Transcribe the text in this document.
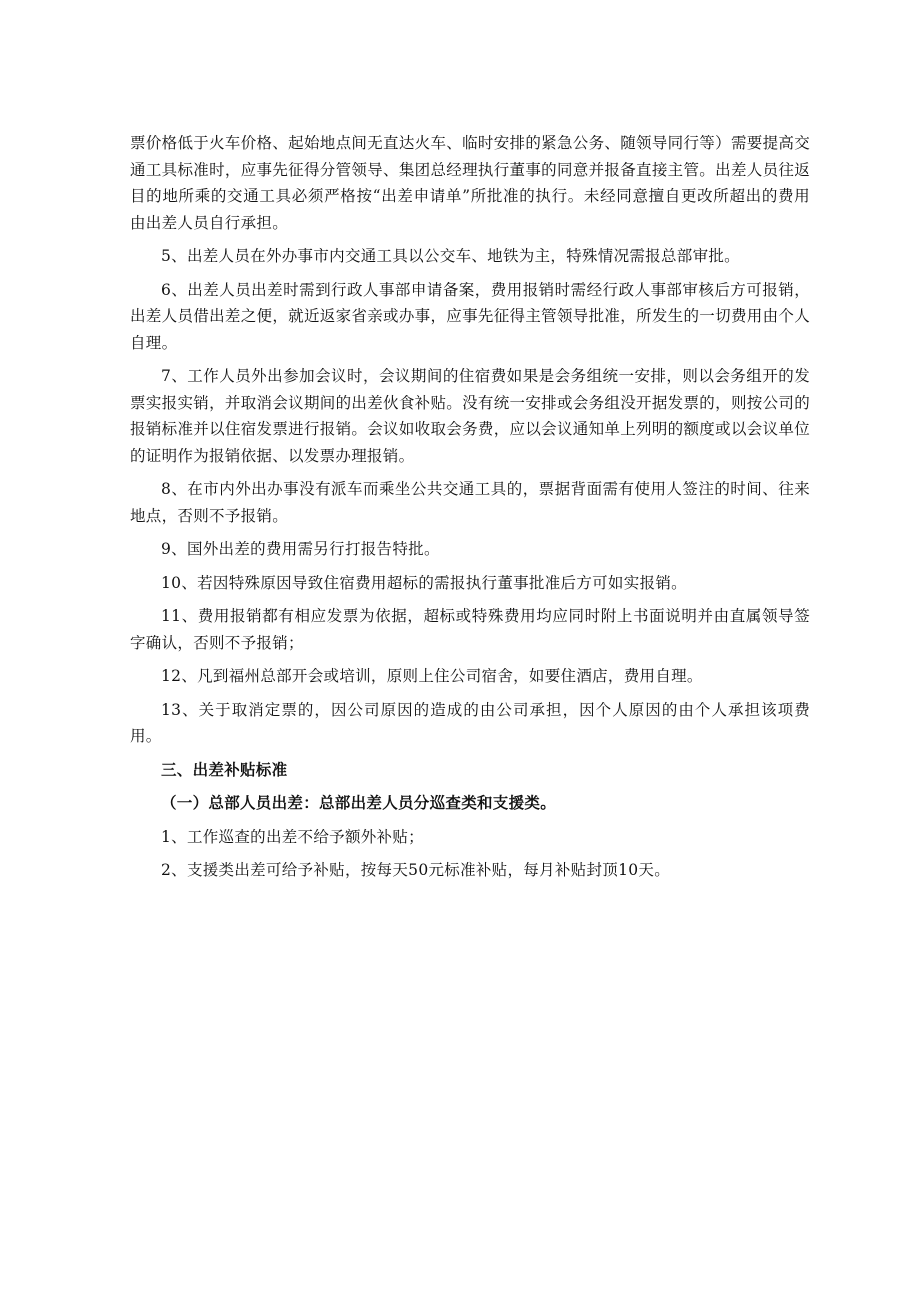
票价格低于火车价格、起始地点间无直达火车、临时安排的紧急公务、随领导同行等）需要提高交通工具标准时，应事先征得分管领导、集团总经理执行董事的同意并报备直接主管。出差人员往返目的地所乘的交通工具必须严格按“出差申请单”所批准的执行。未经同意擅自更改所超出的费用由出差人员自行承担。

5、出差人员在外办事市内交通工具以公交车、地铁为主，特殊情况需报总部审批。

6、出差人员出差时需到行政人事部申请备案，费用报销时需经行政人事部审核后方可报销，出差人员借出差之便，就近返家省亲或办事，应事先征得主管领导批准，所发生的一切费用由个人自理。

7、工作人员外出参加会议时，会议期间的住宿费如果是会务组统一安排，则以会务组开的发票实报实销，并取消会议期间的出差伙食补贴。没有统一安排或会务组没开据发票的，则按公司的报销标准并以住宿发票进行报销。会议如收取会务费，应以会议通知单上列明的额度或以会议单位的证明作为报销依据、以发票办理报销。

8、在市内外出办事没有派车而乘坐公共交通工具的，票据背面需有使用人签注的时间、往来地点，否则不予报销。

9、国外出差的费用需另行打报告特批。

10、若因特殊原因导致住宿费用超标的需报执行董事批准后方可如实报销。

11、费用报销都有相应发票为依据，超标或特殊费用均应同时附上书面说明并由直属领导签字确认，否则不予报销；

12、凡到福州总部开会或培训，原则上住公司宿舍，如要住酒店，费用自理。

13、关于取消定票的，因公司原因的造成的由公司承担，因个人原因的由个人承担该项费用。

三、出差补贴标准

（一）总部人员出差：总部出差人员分巡查类和支援类。

1、工作巡查的出差不给予额外补贴；

2、支援类出差可给予补贴，按每天50元标准补贴，每月补贴封顶10天。
